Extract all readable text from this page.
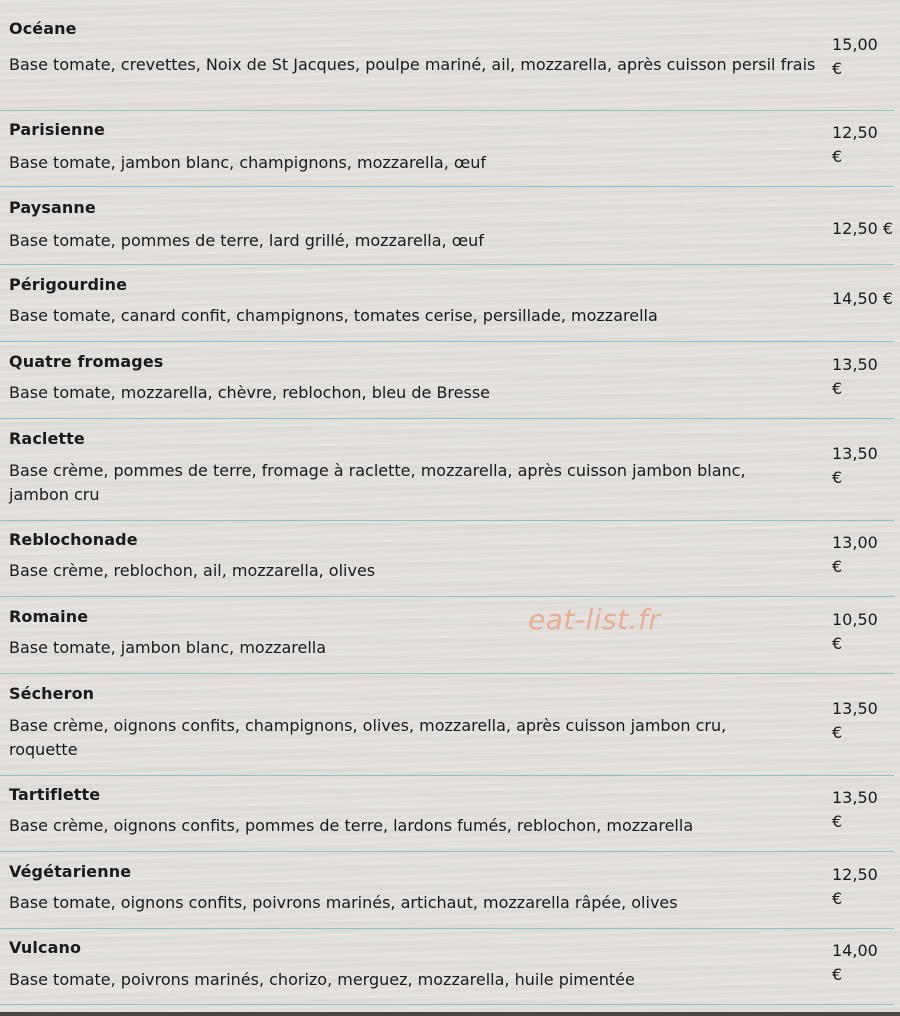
Océane
Base tomate, crevettes, Noix de St Jacques, poulpe mariné, ail, mozzarella, après cuisson persil frais
15,00 €
Parisienne
Base tomate, jambon blanc, champignons, mozzarella, œuf
12,50 €
Paysanne
Base tomate, pommes de terre, lard grillé, mozzarella, œuf
12,50 €
Périgourdine
Base tomate, canard confit, champignons, tomates cerise, persillade, mozzarella
14,50 €
Quatre fromages
Base tomate, mozzarella, chèvre, reblochon, bleu de Bresse
13,50 €
Raclette
Base crème, pommes de terre, fromage à raclette, mozzarella, après cuisson jambon blanc, jambon cru
13,50 €
Reblochonade
Base crème, reblochon, ail, mozzarella, olives
13,00 €
Romaine
Base tomate, jambon blanc, mozzarella
10,50 €
Sécheron
Base crème, oignons confits, champignons, olives, mozzarella, après cuisson jambon cru, roquette
13,50 €
Tartiflette
Base crème, oignons confits, pommes de terre, lardons fumés, reblochon, mozzarella
13,50 €
Végétarienne
Base tomate, oignons confits, poivrons marinés, artichaut, mozzarella râpée, olives
12,50 €
Vulcano
Base tomate, poivrons marinés, chorizo, merguez, mozzarella, huile pimentée
14,00 €
eat-list.fr
